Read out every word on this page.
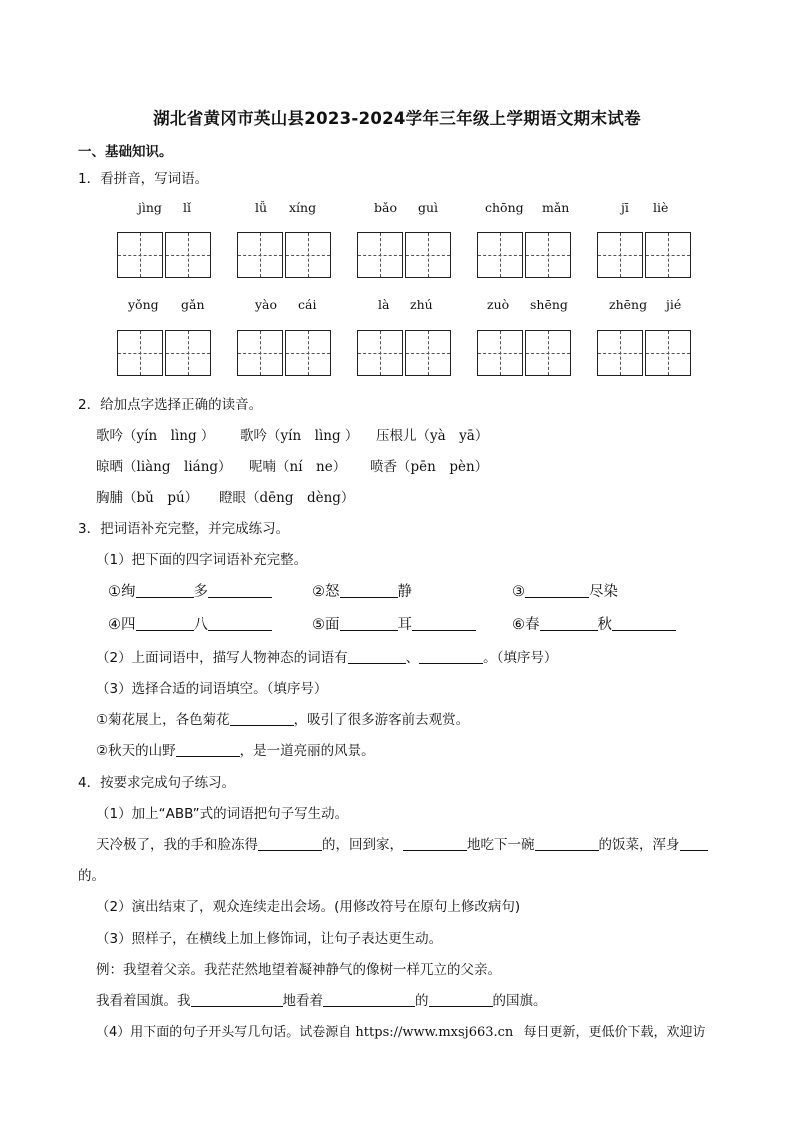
湖北省黄冈市英山县2023-2024学年三年级上学期语文期末试卷
一、基础知识。
1．看拼音，写词语。
jìng lǐ	lǚ xíng	bǎo guì	chōng mǎn	jī liè
yǒng gǎn	yào cái	là zhú	zuò shēng	zhēng jié
2．给加点字选择正确的读音。
歌吟（yín　lìng ） 歌吟（yín　lìng ） 压根儿（yà　yā）
晾晒（liàng　liáng） 呢喃（ní　ne） 喷香（pēn　pèn）
胸脯（bǔ　pú） 瞪眼（dēng　dèng）
3．把词语补充完整，并完成练习。
（1）把下面的四字词语补充完整。
①绚	多	②怒	静	③	尽染
④四	八	⑤面	耳	⑥春	秋
（2）上面词语中，描写人物神态的词语有	、	。（填序号）
（3）选择合适的词语填空。（填序号）
①菊花展上，各色菊花	，吸引了很多游客前去观赏。
②秋天的山野	，是一道亮丽的风景。
4．按要求完成句子练习。
（1）加上“ABB”式的词语把句子写生动。
天冷极了，我的手和脸冻得	的，回到家，	地吃下一碗	的饭菜，浑身
的。
（2）演出结束了，观众连续走出会场。(用修改符号在原句上修改病句)
（3）照样子，在横线上加上修饰词，让句子表达更生动。
例：我望着父亲。我茫茫然地望着凝神静气的像树一样兀立的父亲。
我看着国旗。我	地看着	的	的国旗。
（4）用下面的句子开头写几句话。试卷源自 https://www.mxsj663.cn 每日更新，更低价下载，欢迎访
